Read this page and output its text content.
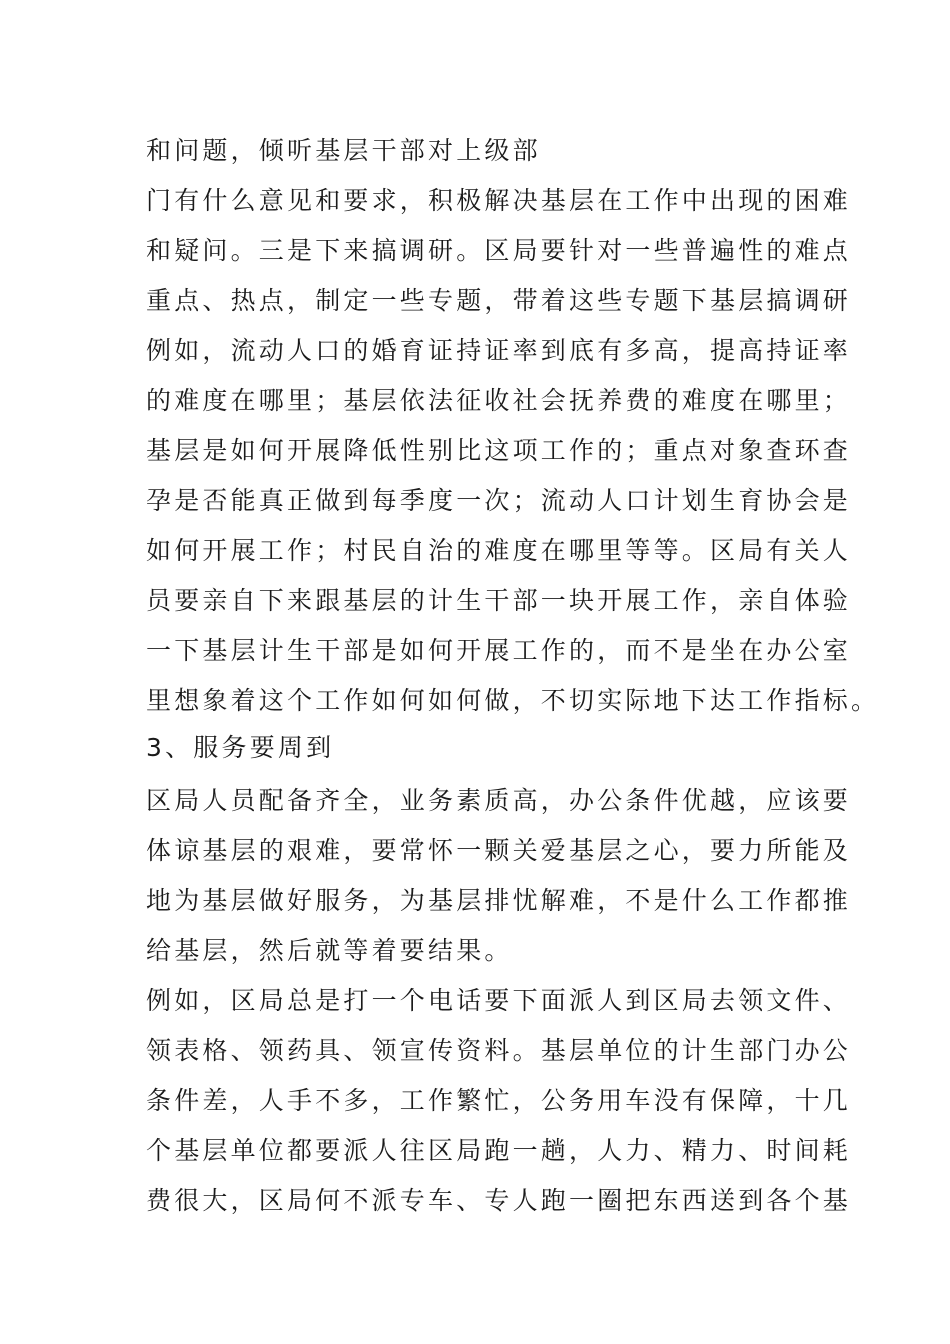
和问题，倾听基层干部对上级部
门有什么意见和要求，积极解决基层在工作中出现的困难
和疑问。三是下来搞调研。区局要针对一些普遍性的难点
重点、热点，制定一些专题，带着这些专题下基层搞调研
例如，流动人口的婚育证持证率到底有多高，提高持证率
的难度在哪里；基层依法征收社会抚养费的难度在哪里；
基层是如何开展降低性别比这项工作的；重点对象查环查
孕是否能真正做到每季度一次；流动人口计划生育协会是
如何开展工作；村民自治的难度在哪里等等。区局有关人
员要亲自下来跟基层的计生干部一块开展工作，亲自体验
一下基层计生干部是如何开展工作的，而不是坐在办公室
里想象着这个工作如何如何做，不切实际地下达工作指标。
3、服务要周到
区局人员配备齐全，业务素质高，办公条件优越，应该要
体谅基层的艰难，要常怀一颗关爱基层之心，要力所能及
地为基层做好服务，为基层排忧解难，不是什么工作都推
给基层，然后就等着要结果。
例如，区局总是打一个电话要下面派人到区局去领文件、
领表格、领药具、领宣传资料。基层单位的计生部门办公
条件差，人手不多，工作繁忙，公务用车没有保障，十几
个基层单位都要派人往区局跑一趟，人力、精力、时间耗
费很大，区局何不派专车、专人跑一圈把东西送到各个基
